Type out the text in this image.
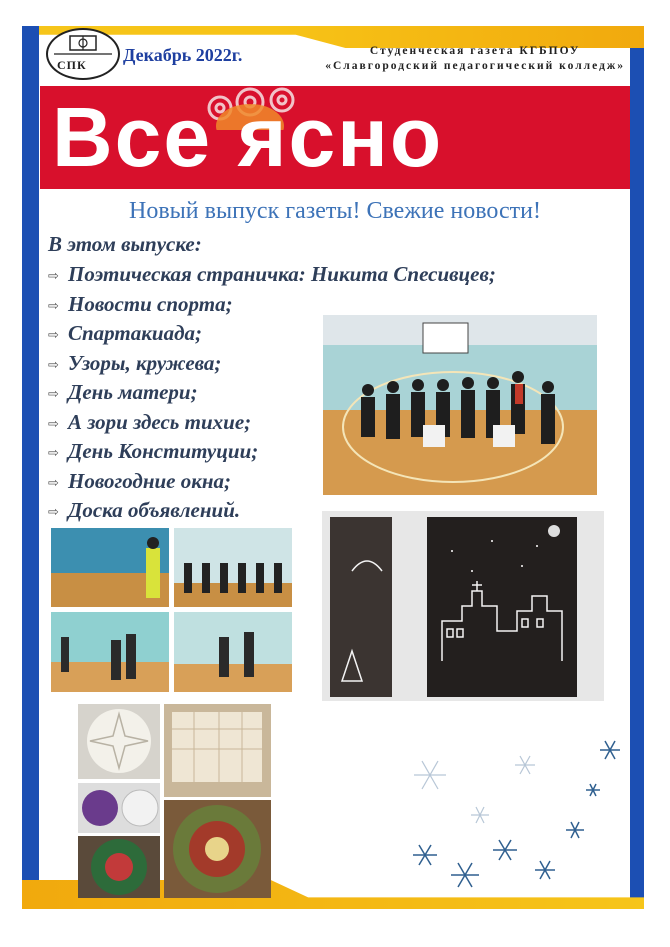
СПК Декабрь 2022г.	Студенческая газета КГБПОУ
«Славгородский педагогический колледж»
Все ясно
Новый выпуск газеты! Свежие новости!
В этом выпуске:
⇨ Поэтическая страничка: Никита Спесивцев;
⇨ Новости спорта;
⇨ Спартакиада;
⇨ Узоры, кружева;
⇨ День матери;
⇨ А зори здесь тихие;
⇨ День Конституции;
⇨ Новогодние окна;
⇨ Доска объявлений.
